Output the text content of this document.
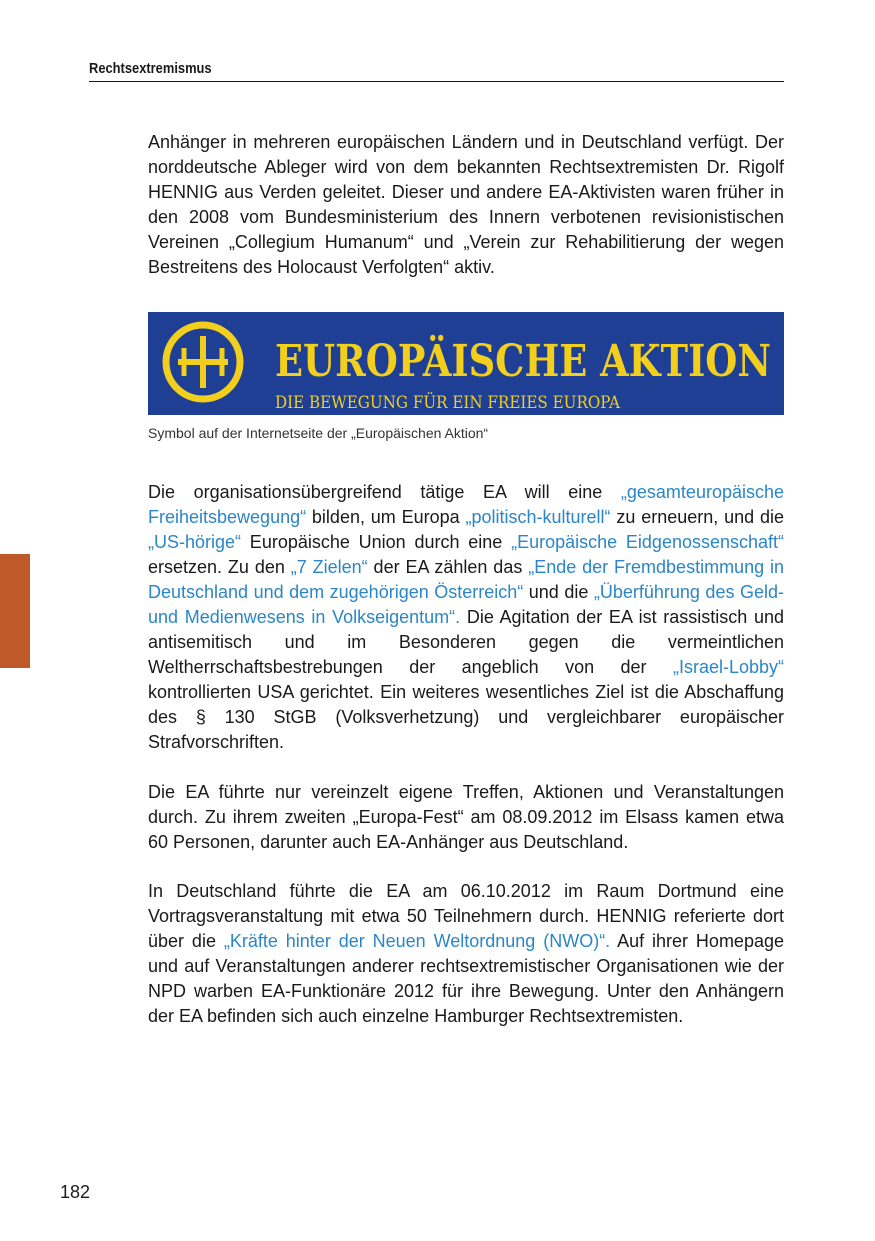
Rechtsextremismus

Anhänger in mehreren europäischen Ländern und in Deutschland verfügt. Der norddeutsche Ableger wird von dem bekannten Rechtsextremisten Dr. Rigolf HENNIG aus Verden geleitet. Dieser und andere EA-Aktivisten waren früher in den 2008 vom Bundesministerium des Innern verbotenen revisionistischen Vereinen „Collegium Humanum“ und „Verein zur Rehabilitierung der wegen Bestreitens des Holocaust Verfolgten“ aktiv.

EUROPÄISCHE AKTION
DIE BEWEGUNG FÜR EIN FREIES EUROPA
Symbol auf der Internetseite der „Europäischen Aktion“

Die organisationsübergreifend tätige EA will eine „gesamteuropäische Freiheitsbewegung“ bilden, um Europa „politisch-kulturell“ zu erneuern, und die „US-hörige“ Europäische Union durch eine „Europäische Eidgenossenschaft“ ersetzen. Zu den „7 Zielen“ der EA zählen das „Ende der Fremdbestimmung in Deutschland und dem zugehörigen Österreich“ und die „Überführung des Geld- und Medienwesens in Volkseigentum“. Die Agitation der EA ist rassistisch und antisemitisch und im Besonderen gegen die vermeintlichen Weltherrschaftsbestrebungen der angeblich von der „Israel-Lobby“ kontrollierten USA gerichtet. Ein weiteres wesentliches Ziel ist die Abschaffung des § 130 StGB (Volksverhetzung) und vergleichbarer europäischer Strafvorschriften.

Die EA führte nur vereinzelt eigene Treffen, Aktionen und Veranstaltungen durch. Zu ihrem zweiten „Europa-Fest“ am 08.09.2012 im Elsass kamen etwa 60 Personen, darunter auch EA-Anhänger aus Deutschland.

In Deutschland führte die EA am 06.10.2012 im Raum Dortmund eine Vortragsveranstaltung mit etwa 50 Teilnehmern durch. HENNIG referierte dort über die „Kräfte hinter der Neuen Weltordnung (NWO)“. Auf ihrer Homepage und auf Veranstaltungen anderer rechtsextremistischer Organisationen wie der NPD warben EA-Funktionäre 2012 für ihre Bewegung. Unter den Anhängern der EA befinden sich auch einzelne Hamburger Rechtsextremisten.

182
